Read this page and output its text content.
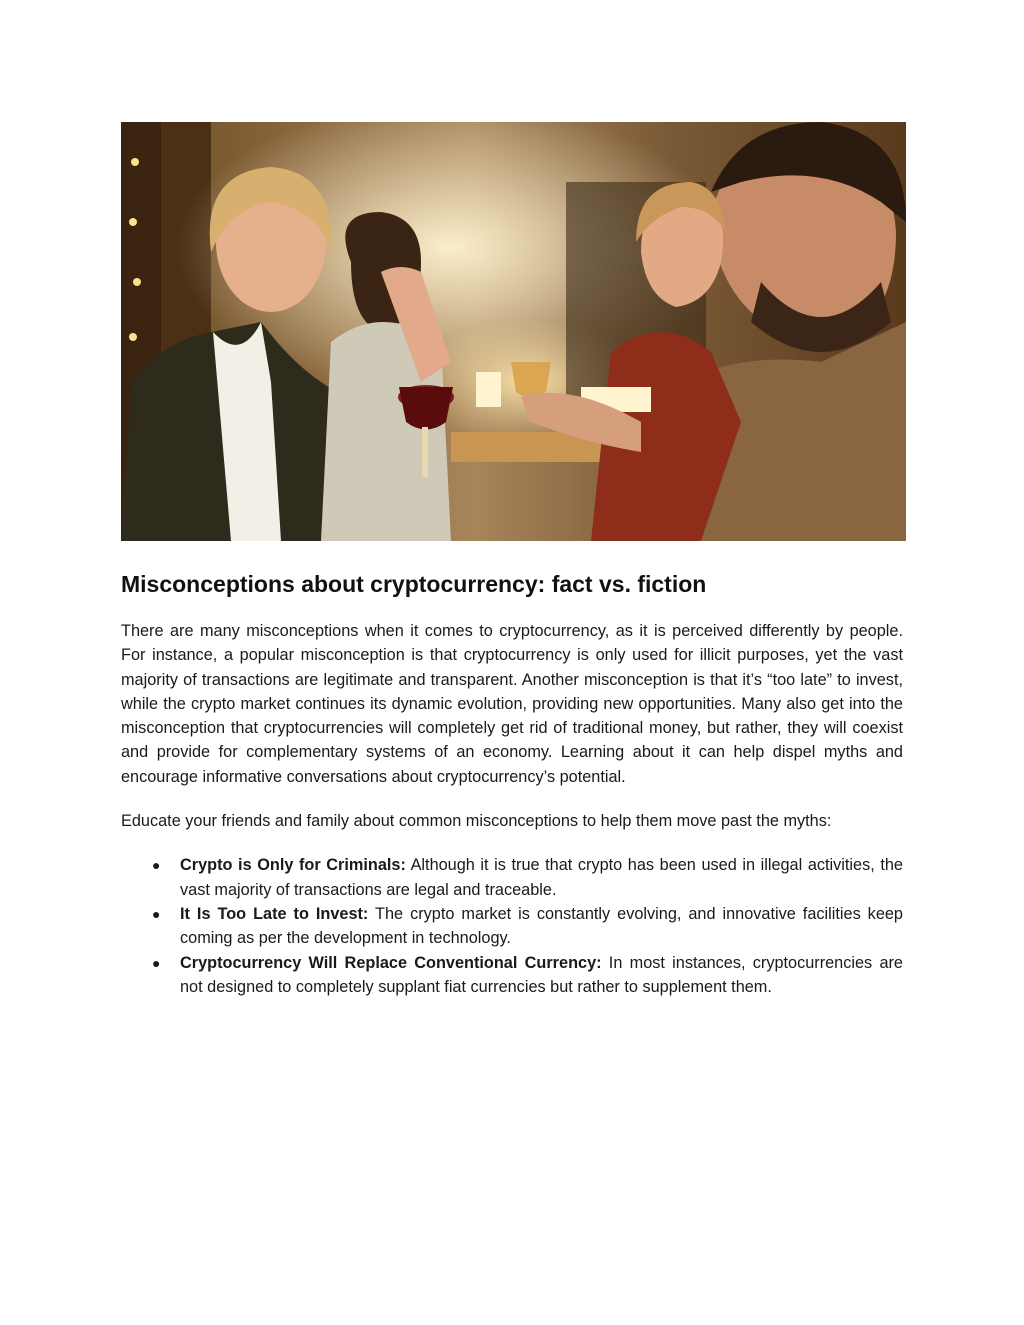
Misconceptions about cryptocurrency: fact vs. fiction

There are many misconceptions when it comes to cryptocurrency, as it is perceived differently by people. For instance, a popular misconception is that cryptocurrency is only used for illicit purposes, yet the vast majority of transactions are legitimate and transparent. Another misconception is that it’s “too late” to invest, while the crypto market continues its dynamic evolution, providing new opportunities. Many also get into the misconception that cryptocurrencies will completely get rid of traditional money, but rather, they will coexist and provide for complementary systems of an economy. Learning about it can help dispel myths and encourage informative conversations about cryptocurrency’s potential.

Educate your friends and family about common misconceptions to help them move past the myths:

● Crypto is Only for Criminals: Although it is true that crypto has been used in illegal activities, the vast majority of transactions are legal and traceable.
● It Is Too Late to Invest: The crypto market is constantly evolving, and innovative facilities keep coming as per the development in technology.
● Cryptocurrency Will Replace Conventional Currency: In most instances, cryptocurrencies are not designed to completely supplant fiat currencies but rather to supplement them.
